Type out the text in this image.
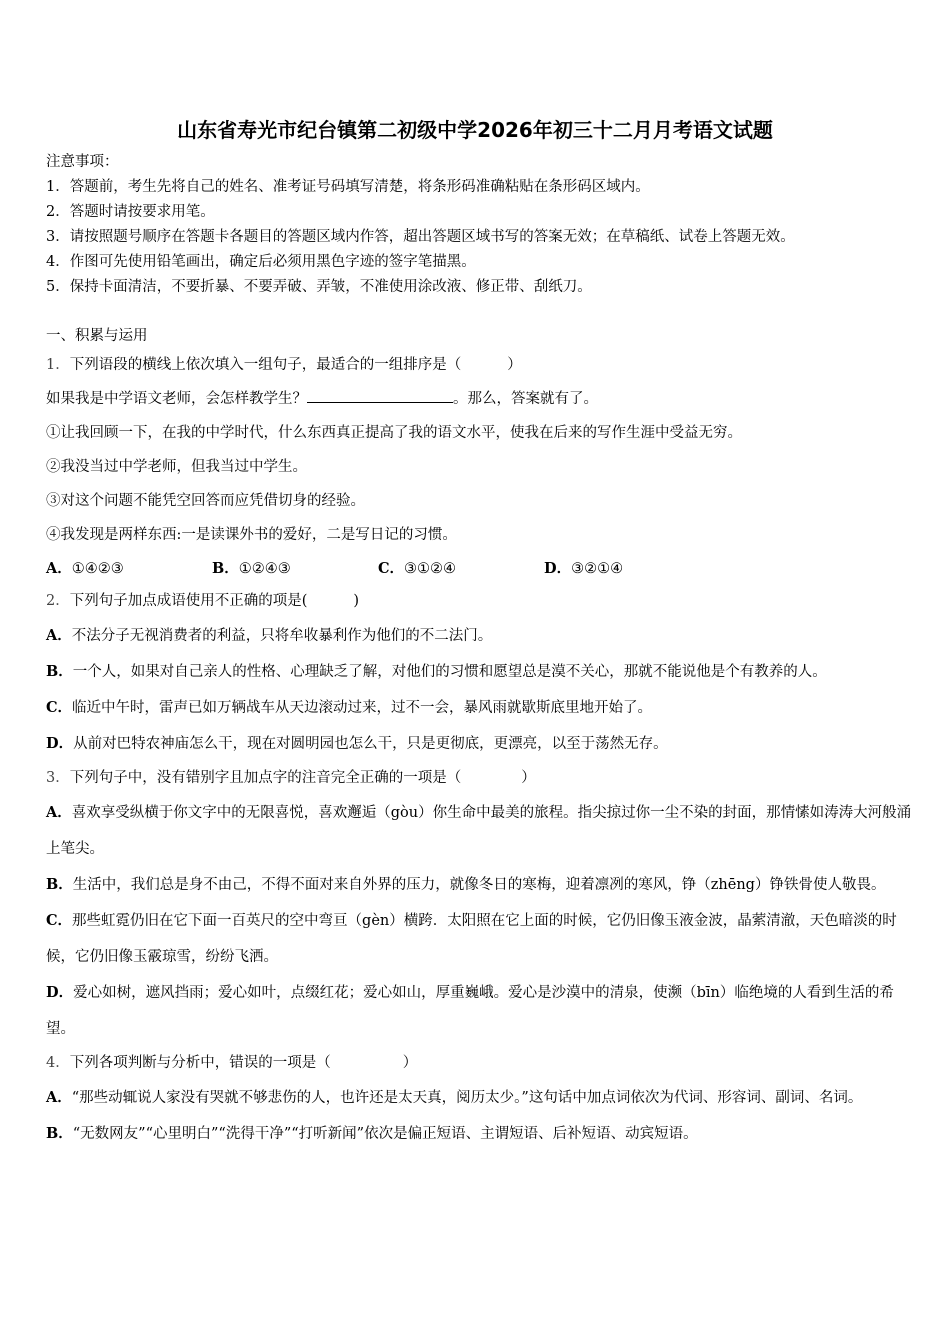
山东省寿光市纪台镇第二初级中学2026年初三十二月月考语文试题
注意事项：
1．答题前，考生先将自己的姓名、准考证号码填写清楚，将条形码准确粘贴在条形码区域内。
2．答题时请按要求用笔。
3．请按照题号顺序在答题卡各题目的答题区域内作答，超出答题区域书写的答案无效；在草稿纸、试卷上答题无效。
4．作图可先使用铅笔画出，确定后必须用黑色字迹的签字笔描黑。
5．保持卡面清洁，不要折暴、不要弄破、弄皱，不准使用涂改液、修正带、刮纸刀。
一、积累与运用
1．下列语段的横线上依次填入一组句子，最适合的一组排序是（	）
如果我是中学语文老师，会怎样教学生？	。那么，答案就有了。
①让我回顾一下，在我的中学时代，什么东西真正提高了我的语文水平，使我在后来的写作生涯中受益无穷。
②我没当过中学老师，但我当过中学生。
③对这个问题不能凭空回答而应凭借切身的经验。
④我发现是两样东西:一是读课外书的爱好，二是写日记的习惯。
A．①④②③	B．①②④③	C．③①②④	D．③②①④
2．下列句子加点成语使用不正确的项是(	)
A．不法分子无视消费者的利益，只将牟收暴利作为他们的不二法门。
B．一个人，如果对自己亲人的性格、心理缺乏了解，对他们的习惯和愿望总是漠不关心，那就不能说他是个有教养的人。
C．临近中午时，雷声已如万辆战车从天边滚动过来，过不一会，暴风雨就歇斯底里地开始了。
D．从前对巴特农神庙怎么干，现在对圆明园也怎么干，只是更彻底，更漂亮，以至于荡然无存。
3．下列句子中，没有错别字且加点字的注音完全正确的一项是（	）
A．喜欢享受纵横于你文字中的无限喜悦，喜欢邂逅（gòu）你生命中最美的旅程。指尖掠过你一尘不染的封面，那情愫如涛涛大河般涌上笔尖。
B．生活中，我们总是身不由己，不得不面对来自外界的压力，就像冬日的寒梅，迎着凛冽的寒风，铮（zhēng）铮铁骨使人敬畏。
C．那些虹霓仍旧在它下面一百英尺的空中弯亘（gèn）横跨．太阳照在它上面的时候，它仍旧像玉液金波，晶萦清澈，天色暗淡的时候，它仍旧像玉霰琼雪，纷纷飞洒。
D．爱心如树，遮风挡雨；爱心如叶，点缀红花；爱心如山，厚重巍峨。爱心是沙漠中的清泉，使濒（bīn）临绝境的人看到生活的希望。
4．下列各项判断与分析中，错误的一项是（	）
A．“那些动辄说人家没有哭就不够悲伤的人，也许还是太天真，阅历太少。”这句话中加点词依次为代词、形容词、副词、名词。
B．“无数网友”“心里明白”“洗得干净”“打听新闻”依次是偏正短语、主谓短语、后补短语、动宾短语。
